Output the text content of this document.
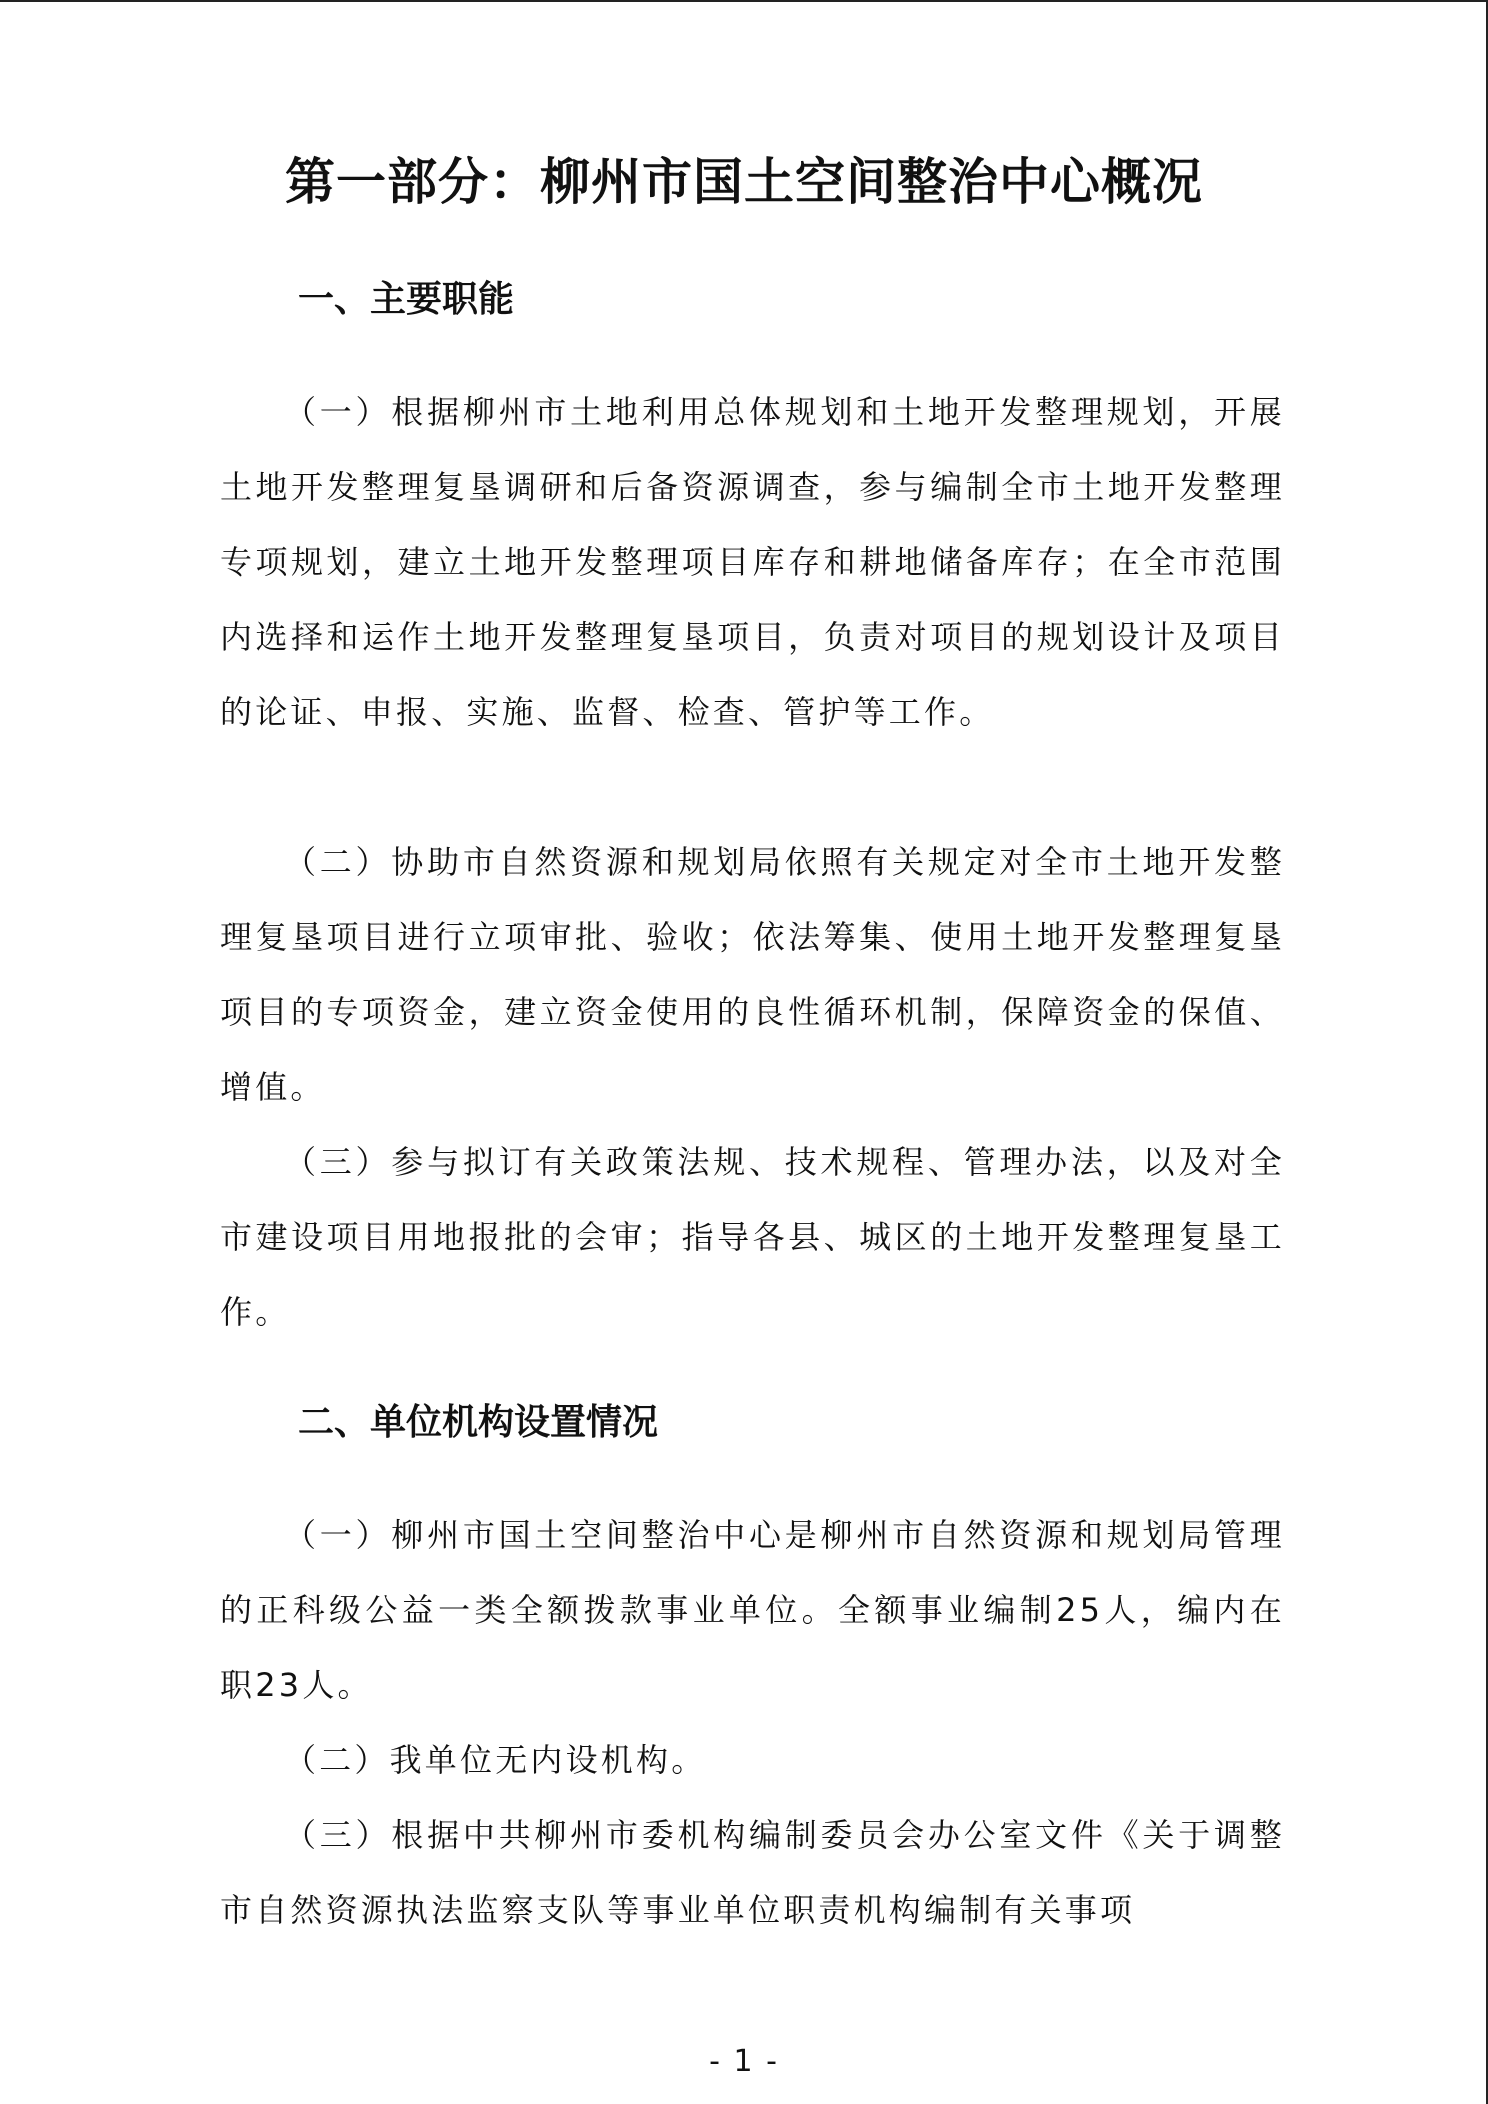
第一部分：柳州市国土空间整治中心概况
一、主要职能

（一）根据柳州市土地利用总体规划和土地开发整理规划，开展土地开发整理复垦调研和后备资源调查，参与编制全市土地开发整理专项规划，建立土地开发整理项目库存和耕地储备库存；在全市范围内选择和运作土地开发整理复垦项目，负责对项目的规划设计及项目的论证、申报、实施、监督、检查、管护等工作。

（二）协助市自然资源和规划局依照有关规定对全市土地开发整理复垦项目进行立项审批、验收；依法筹集、使用土地开发整理复垦项目的专项资金，建立资金使用的良性循环机制，保障资金的保值、增值。

（三）参与拟订有关政策法规、技术规程、管理办法，以及对全市建设项目用地报批的会审；指导各县、城区的土地开发整理复垦工作。

二、单位机构设置情况

（一）柳州市国土空间整治中心是柳州市自然资源和规划局管理的正科级公益一类全额拨款事业单位。全额事业编制25人，编内在职23人。

（二）我单位无内设机构。

（三）根据中共柳州市委机构编制委员会办公室文件《关于调整市自然资源执法监察支队等事业单位职责机构编制有关事项

- 1 -
